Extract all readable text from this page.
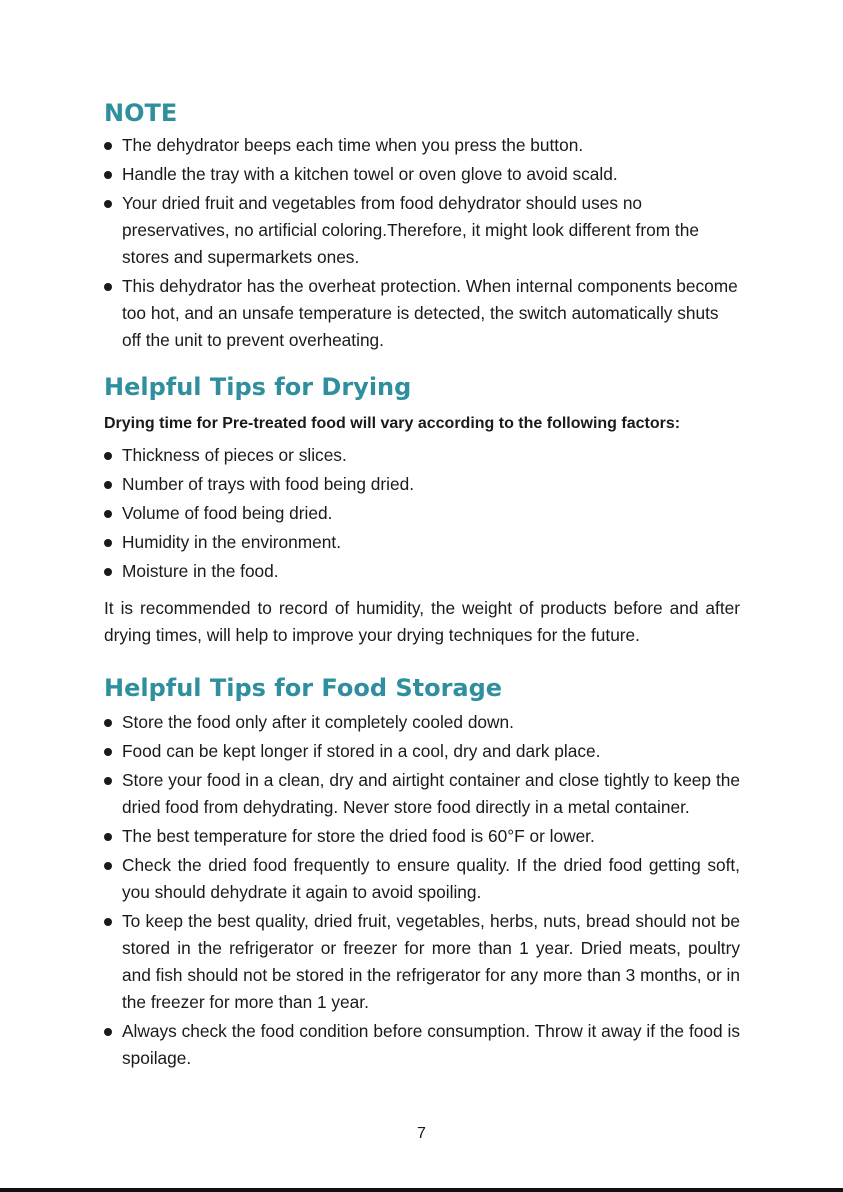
NOTE
The dehydrator beeps each time when you press the button.
Handle the tray with a kitchen towel or oven glove to avoid scald.
Your dried fruit and vegetables from food dehydrator should uses no preservatives, no artificial coloring.Therefore, it might look different from the stores and supermarkets ones.
This dehydrator has the overheat protection. When internal components become too hot, and an unsafe temperature is detected, the switch automatically shuts off the unit to prevent overheating.
Helpful Tips for Drying

Drying time for Pre-treated food will vary according to the following factors:

Thickness of pieces or slices.
Number of trays with food being dried.
Volume of food being dried.
Humidity in the environment.
Moisture in the food.

It is recommended to record of humidity, the weight of products before and after drying times, will help to improve your drying techniques for the future.

Helpful Tips for Food Storage
Store the food only after it completely cooled down.
Food can be kept longer if stored in a cool, dry and dark place.
Store your food in a clean, dry and airtight container and close tightly to keep the dried food from dehydrating. Never store food directly in a metal container.
The best temperature for store the dried food is 60°F or lower.
Check the dried food frequently to ensure quality. If the dried food getting soft, you should dehydrate it again to avoid spoiling.
To keep the best quality, dried fruit, vegetables, herbs, nuts, bread should not be stored in the refrigerator or freezer for more than 1 year. Dried meats, poultry and fish should not be stored in the refrigerator for any more than 3 months, or in the freezer for more than 1 year.
Always check the food condition before consumption. Throw it away if the food is spoilage.
7
